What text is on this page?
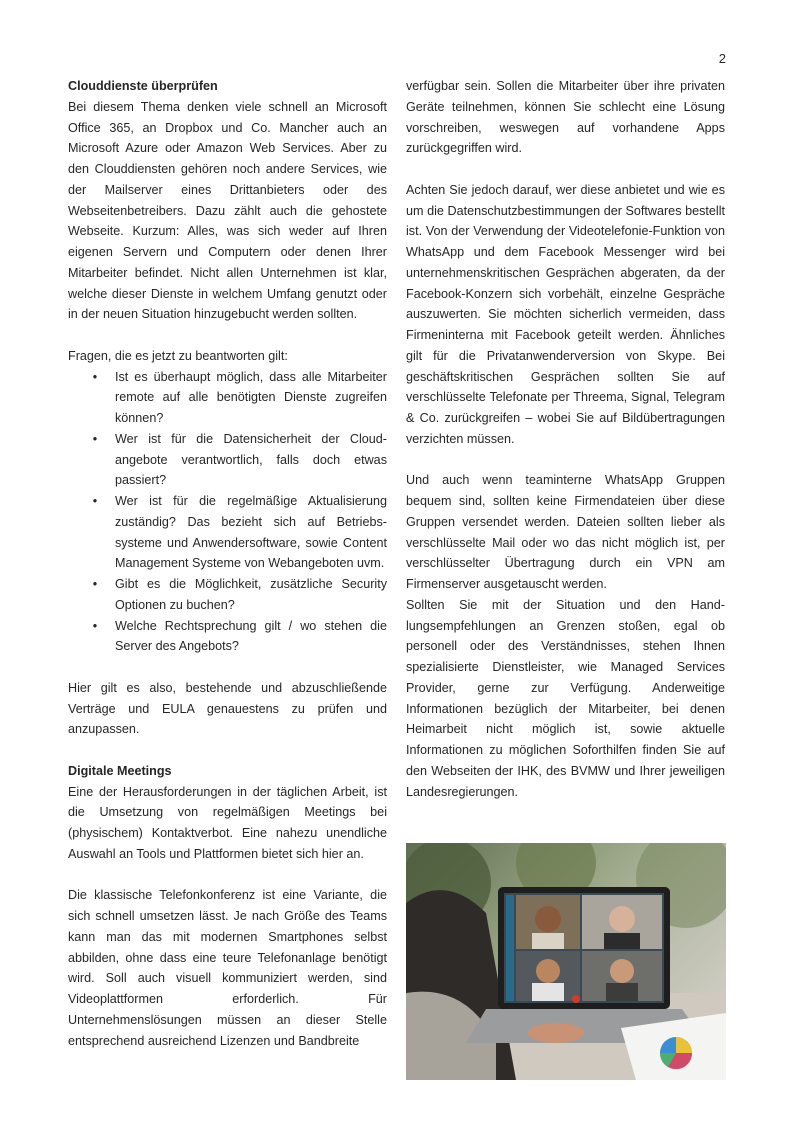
2

Clouddienste überprüfen

Bei diesem Thema denken viele schnell an Microsoft Office 365, an Dropbox und Co. Mancher auch an Microsoft Azure oder Amazon Web Services. Aber zu den Clouddiensten gehören noch andere Services, wie der Mailserver eines Drittanbieters oder des Webseitenbetreibers. Dazu zählt auch die gehostete Webseite. Kurzum: Alles, was sich weder auf Ihren eigenen Servern und Computern oder denen Ihrer Mitarbeiter befindet. Nicht allen Unternehmen ist klar, welche dieser Dienste in welchem Umfang genutzt oder in der neuen Situation hinzugebucht werden sollten.

Fragen, die es jetzt zu beantworten gilt:

• Ist es überhaupt möglich, dass alle Mitarbeiter remote auf alle benötigten Dienste zugreifen können?
• Wer ist für die Datensicherheit der Cloudangebote verantwortlich, falls doch etwas passiert?
• Wer ist für die regelmäßige Aktualisierung zuständig? Das bezieht sich auf Betriebssysteme und Anwendersoftware, sowie Content Management Systeme von Webangeboten uvm.
• Gibt es die Möglichkeit, zusätzliche Security Optionen zu buchen?
• Welche Rechtsprechung gilt / wo stehen die Server des Angebots?

Hier gilt es also, bestehende und abzuschließende Verträge und EULA genauestens zu prüfen und anzupassen.

Digitale Meetings

Eine der Herausforderungen in der täglichen Arbeit, ist die Umsetzung von regelmäßigen Meetings bei (physischem) Kontaktverbot. Eine nahezu unendliche Auswahl an Tools und Plattformen bietet sich hier an.

Die klassische Telefonkonferenz ist eine Variante, die sich schnell umsetzen lässt. Je nach Größe des Teams kann man das mit modernen Smartphones selbst abbilden, ohne dass eine teure Telefonanlage benötigt wird. Soll auch visuell kommuniziert werden, sind Videoplattformen erforderlich. Für Unternehmenslösungen müssen an dieser Stelle entsprechend ausreichend Lizenzen und Bandbreite

verfügbar sein. Sollen die Mitarbeiter über ihre privaten Geräte teilnehmen, können Sie schlecht eine Lösung vorschreiben, weswegen auf vorhandene Apps zurückgegriffen wird.

Achten Sie jedoch darauf, wer diese anbietet und wie es um die Datenschutzbestimmungen der Softwares bestellt ist. Von der Verwendung der Videotelefonie-Funktion von WhatsApp und dem Facebook Messenger wird bei unternehmenskritischen Gesprächen abgeraten, da der Facebook-Konzern sich vorbehält, einzelne Gespräche auszuwerten. Sie möchten sicherlich vermeiden, dass Firmeninterna mit Facebook geteilt werden. Ähnliches gilt für die Privatanwenderversion von Skype. Bei geschäftskritischen Gesprächen sollten Sie auf verschlüsselte Telefonate per Threema, Signal, Telegram & Co. zurückgreifen – wobei Sie auf Bildübertragungen verzichten müssen.

Und auch wenn teaminterne WhatsApp Gruppen bequem sind, sollten keine Firmendateien über diese Gruppen versendet werden. Dateien sollten lieber als verschlüsselte Mail oder wo das nicht möglich ist, per verschlüsselter Übertragung durch ein VPN am Firmenserver ausgetauscht werden.

Sollten Sie mit der Situation und den Handlungsempfehlungen an Grenzen stoßen, egal ob personell oder des Verständnisses, stehen Ihnen spezialisierte Dienstleister, wie Managed Services Provider, gerne zur Verfügung. Anderweitige Informationen bezüglich der Mitarbeiter, bei denen Heimarbeit nicht möglich ist, sowie aktuelle Informationen zu möglichen Soforthilfen finden Sie auf den Webseiten der IHK, des BVMW und Ihrer jeweiligen Landesregierungen.
